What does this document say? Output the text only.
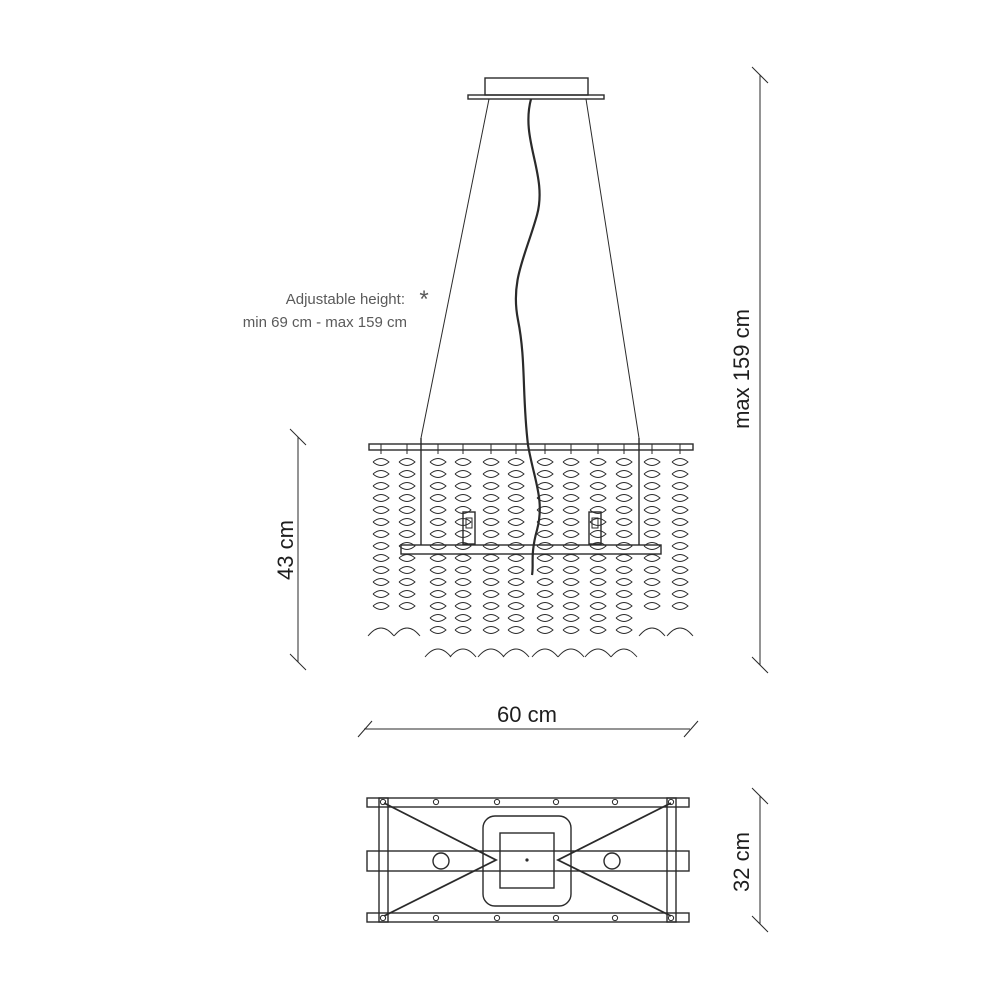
Adjustable height: *
min 69 cm - max 159 cm	max 159 cm
43 cm
60 cm
32 cm
